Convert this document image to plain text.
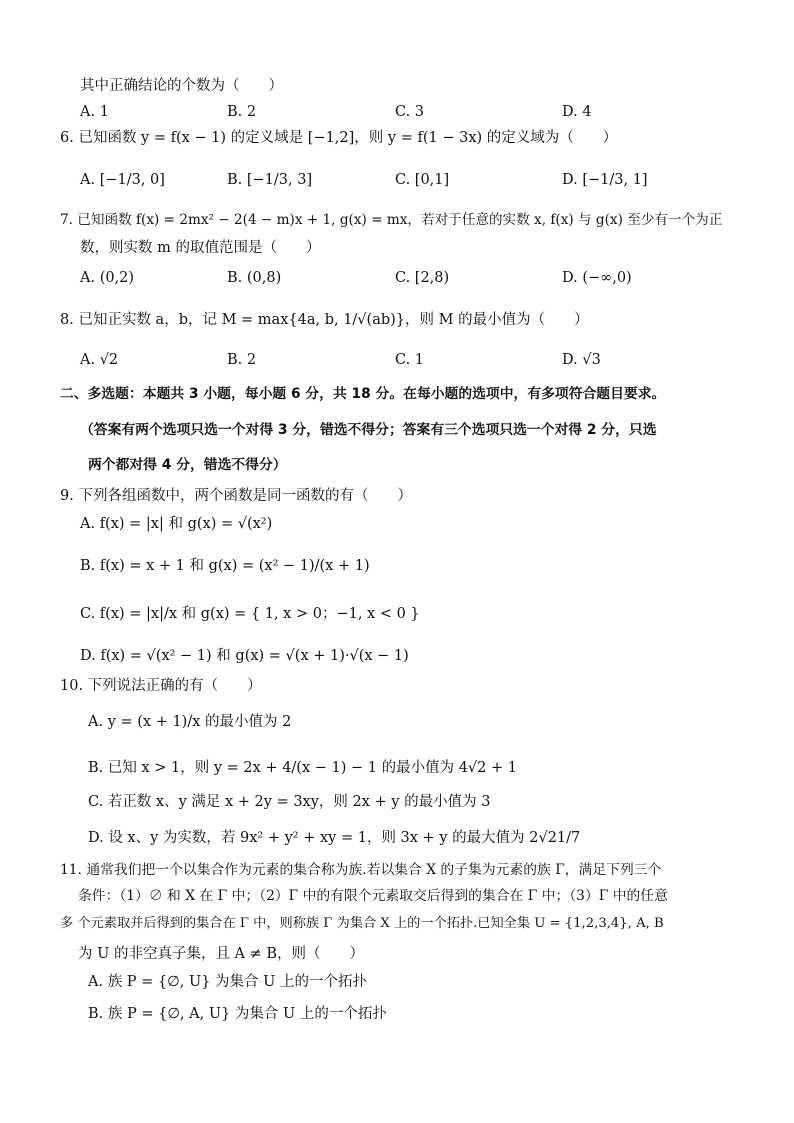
其中正确结论的个数为（　　）
A. 1	B. 2	C. 3	D. 4
6. 已知函数 y = f(x − 1) 的定义域是 [−1,2]，则 y = f(1 − 3x) 的定义域为（　　）
A. [−1/3, 0]	B. [−1/3, 3]	C. [0,1]	D. [−1/3, 1]
7. 已知函数 f(x) = 2mx² − 2(4 − m)x + 1, g(x) = mx，若对于任意的实数 x, f(x) 与 g(x) 至少有一个为正
数，则实数 m 的取值范围是（　　）
A. (0,2)	B. (0,8)	C. [2,8)	D. (−∞,0)
8. 已知正实数 a，b，记 M = max{4a, b, 1/√(ab)}，则 M 的最小值为（　　）
A. √2	B. 2	C. 1	D. √3
二、多选题：本题共 3 小题，每小题 6 分，共 18 分。在每小题的选项中，有多项符合题目要求。
（答案有两个选项只选一个对得 3 分，错选不得分；答案有三个选项只选一个对得 2 分，只选
两个都对得 4 分，错选不得分）
9. 下列各组函数中，两个函数是同一函数的有（　　）
A. f(x) = |x| 和 g(x) = √(x²)
B. f(x) = x + 1 和 g(x) = (x² − 1)/(x + 1)
C. f(x) = |x|/x 和 g(x) = { 1, x > 0；−1, x < 0 }
D. f(x) = √(x² − 1) 和 g(x) = √(x + 1)·√(x − 1)
10. 下列说法正确的有（　　）
A. y = (x + 1)/x 的最小值为 2
B. 已知 x > 1，则 y = 2x + 4/(x − 1) − 1 的最小值为 4√2 + 1
C. 若正数 x、y 满足 x + 2y = 3xy，则 2x + y 的最小值为 3
D. 设 x、y 为实数，若 9x² + y² + xy = 1，则 3x + y 的最大值为 2√21/7
11. 通常我们把一个以集合作为元素的集合称为族.若以集合 X 的子集为元素的族 Γ，满足下列三个
条件：（1）∅ 和 X 在 Γ 中；（2）Γ 中的有限个元素取交后得到的集合在 Γ 中；（3）Γ 中的任意
多 个元素取并后得到的集合在 Γ 中，则称族 Γ 为集合 X 上的一个拓扑.已知全集 U = {1,2,3,4}, A, B
为 U 的非空真子集，且 A ≠ B，则（　　）
A. 族 P = {∅, U} 为集合 U 上的一个拓扑
B. 族 P = {∅, A, U} 为集合 U 上的一个拓扑
